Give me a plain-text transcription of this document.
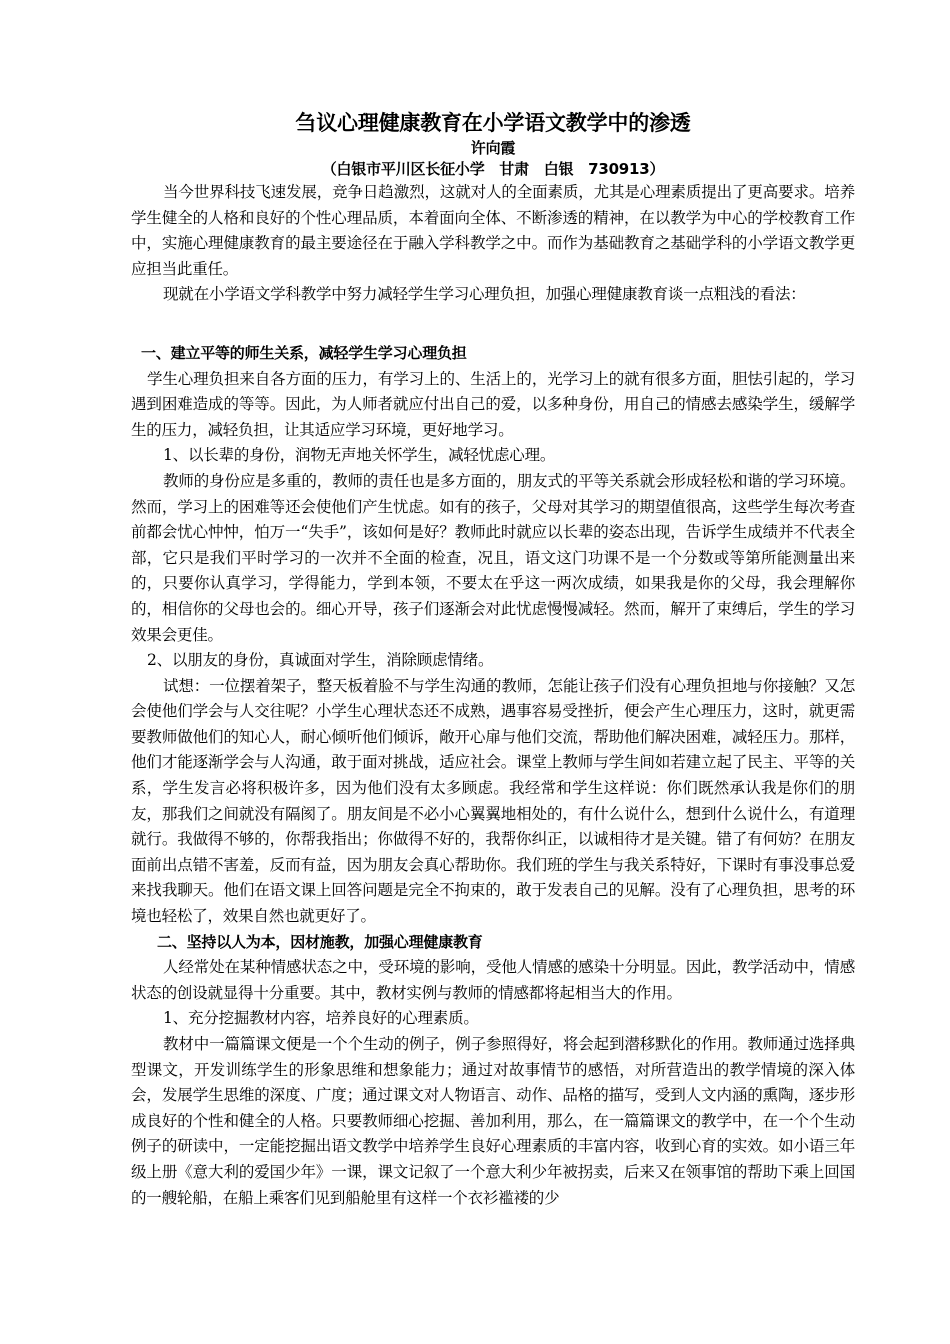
刍议心理健康教育在小学语文教学中的渗透
许向霞
（白银市平川区长征小学　甘肃　白银　730913）

当今世界科技飞速发展，竞争日趋激烈，这就对人的全面素质，尤其是心理素质提出了更高要求。培养学生健全的人格和良好的个性心理品质，本着面向全体、不断渗透的精神，在以教学为中心的学校教育工作中，实施心理健康教育的最主要途径在于融入学科教学之中。而作为基础教育之基础学科的小学语文教学更应担当此重任。

现就在小学语文学科教学中努力减轻学生学习心理负担，加强心理健康教育谈一点粗浅的看法：

一、建立平等的师生关系，减轻学生学习心理负担

学生心理负担来自各方面的压力，有学习上的、生活上的，光学习上的就有很多方面，胆怯引起的，学习遇到困难造成的等等。因此，为人师者就应付出自己的爱，以多种身份，用自己的情感去感染学生，缓解学生的压力，减轻负担，让其适应学习环境，更好地学习。

1、以长辈的身份，润物无声地关怀学生，减轻忧虑心理。

教师的身份应是多重的，教师的责任也是多方面的，朋友式的平等关系就会形成轻松和谐的学习环境。然而，学习上的困难等还会使他们产生忧虑。如有的孩子，父母对其学习的期望值很高，这些学生每次考查前都会忧心忡忡，怕万一“失手”，该如何是好？教师此时就应以长辈的姿态出现，告诉学生成绩并不代表全部，它只是我们平时学习的一次并不全面的检查，况且，语文这门功课不是一个分数或等第所能测量出来的，只要你认真学习，学得能力，学到本领，不要太在乎这一两次成绩，如果我是你的父母，我会理解你的，相信你的父母也会的。细心开导，孩子们逐渐会对此忧虑慢慢减轻。然而，解开了束缚后，学生的学习效果会更佳。

2、以朋友的身份，真诚面对学生，消除顾虑情绪。

试想：一位摆着架子，整天板着脸不与学生沟通的教师，怎能让孩子们没有心理负担地与你接触？又怎会使他们学会与人交往呢？小学生心理状态还不成熟，遇事容易受挫折，便会产生心理压力，这时，就更需要教师做他们的知心人，耐心倾听他们倾诉，敞开心扉与他们交流，帮助他们解决困难，减轻压力。那样，他们才能逐渐学会与人沟通，敢于面对挑战，适应社会。课堂上教师与学生间如若建立起了民主、平等的关系，学生发言必将积极许多，因为他们没有太多顾虑。我经常和学生这样说：你们既然承认我是你们的朋友，那我们之间就没有隔阂了。朋友间是不必小心翼翼地相处的，有什么说什么，想到什么说什么，有道理就行。我做得不够的，你帮我指出；你做得不好的，我帮你纠正，以诚相待才是关键。错了有何妨？在朋友面前出点错不害羞，反而有益，因为朋友会真心帮助你。我们班的学生与我关系特好，下课时有事没事总爱来找我聊天。他们在语文课上回答问题是完全不拘束的，敢于发表自己的见解。没有了心理负担，思考的环境也轻松了，效果自然也就更好了。

二、坚持以人为本，因材施教，加强心理健康教育

人经常处在某种情感状态之中，受环境的影响，受他人情感的感染十分明显。因此，教学活动中，情感状态的创设就显得十分重要。其中，教材实例与教师的情感都将起相当大的作用。

1、充分挖掘教材内容，培养良好的心理素质。

教材中一篇篇课文便是一个个生动的例子，例子参照得好，将会起到潜移默化的作用。教师通过选择典型课文，开发训练学生的形象思维和想象能力；通过对故事情节的感悟，对所营造出的教学情境的深入体会，发展学生思维的深度、广度；通过课文对人物语言、动作、品格的描写，受到人文内涵的熏陶，逐步形成良好的个性和健全的人格。只要教师细心挖掘、善加利用，那么，在一篇篇课文的教学中，在一个个生动例子的研读中，一定能挖掘出语文教学中培养学生良好心理素质的丰富内容，收到心育的实效。如小语三年级上册《意大利的爱国少年》一课，课文记叙了一个意大利少年被拐卖，后来又在领事馆的帮助下乘上回国的一艘轮船，在船上乘客们见到船舱里有这样一个衣衫褴褛的少
